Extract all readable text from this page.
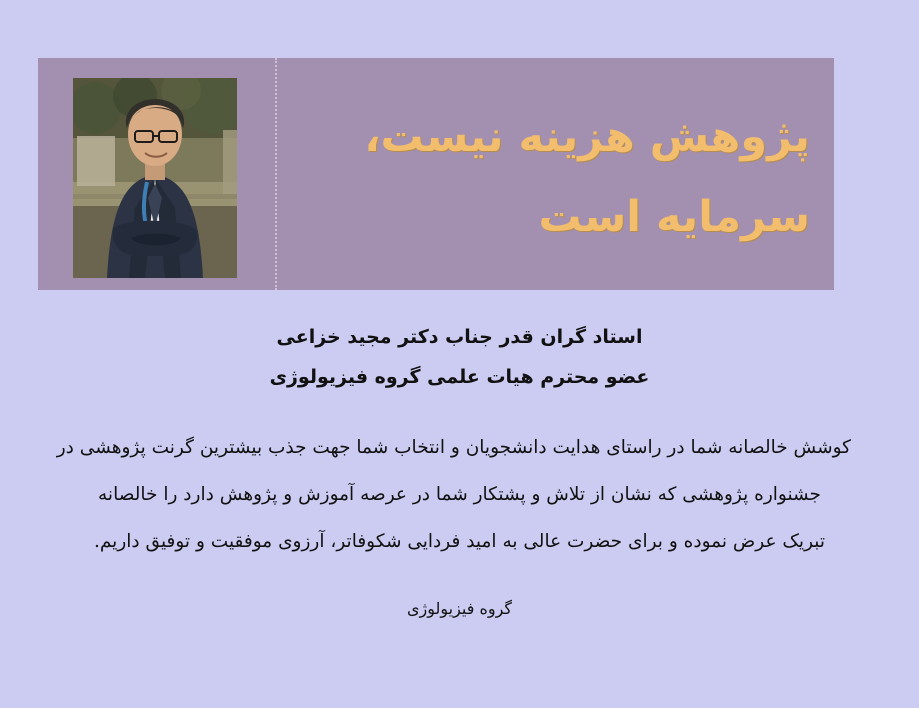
پژوهش هزینه نیست،
سرمایه است
استاد گران قدر جناب دکتر مجید خزاعی
عضو محترم هیات علمی گروه فیزیولوژی
کوشش خالصانه شما در راستای هدایت دانشجویان و انتخاب شما جهت جذب بیشترین گرنت پژوهشی در
جشنواره پژوهشی که نشان از تلاش و پشتکار شما در عرصه آموزش و پژوهش دارد را خالصانه
تبریک عرض نموده و برای حضرت عالی به امید فردایی شکوفاتر، آرزوی موفقیت و توفیق داریم.
گروه فیزیولوژی
